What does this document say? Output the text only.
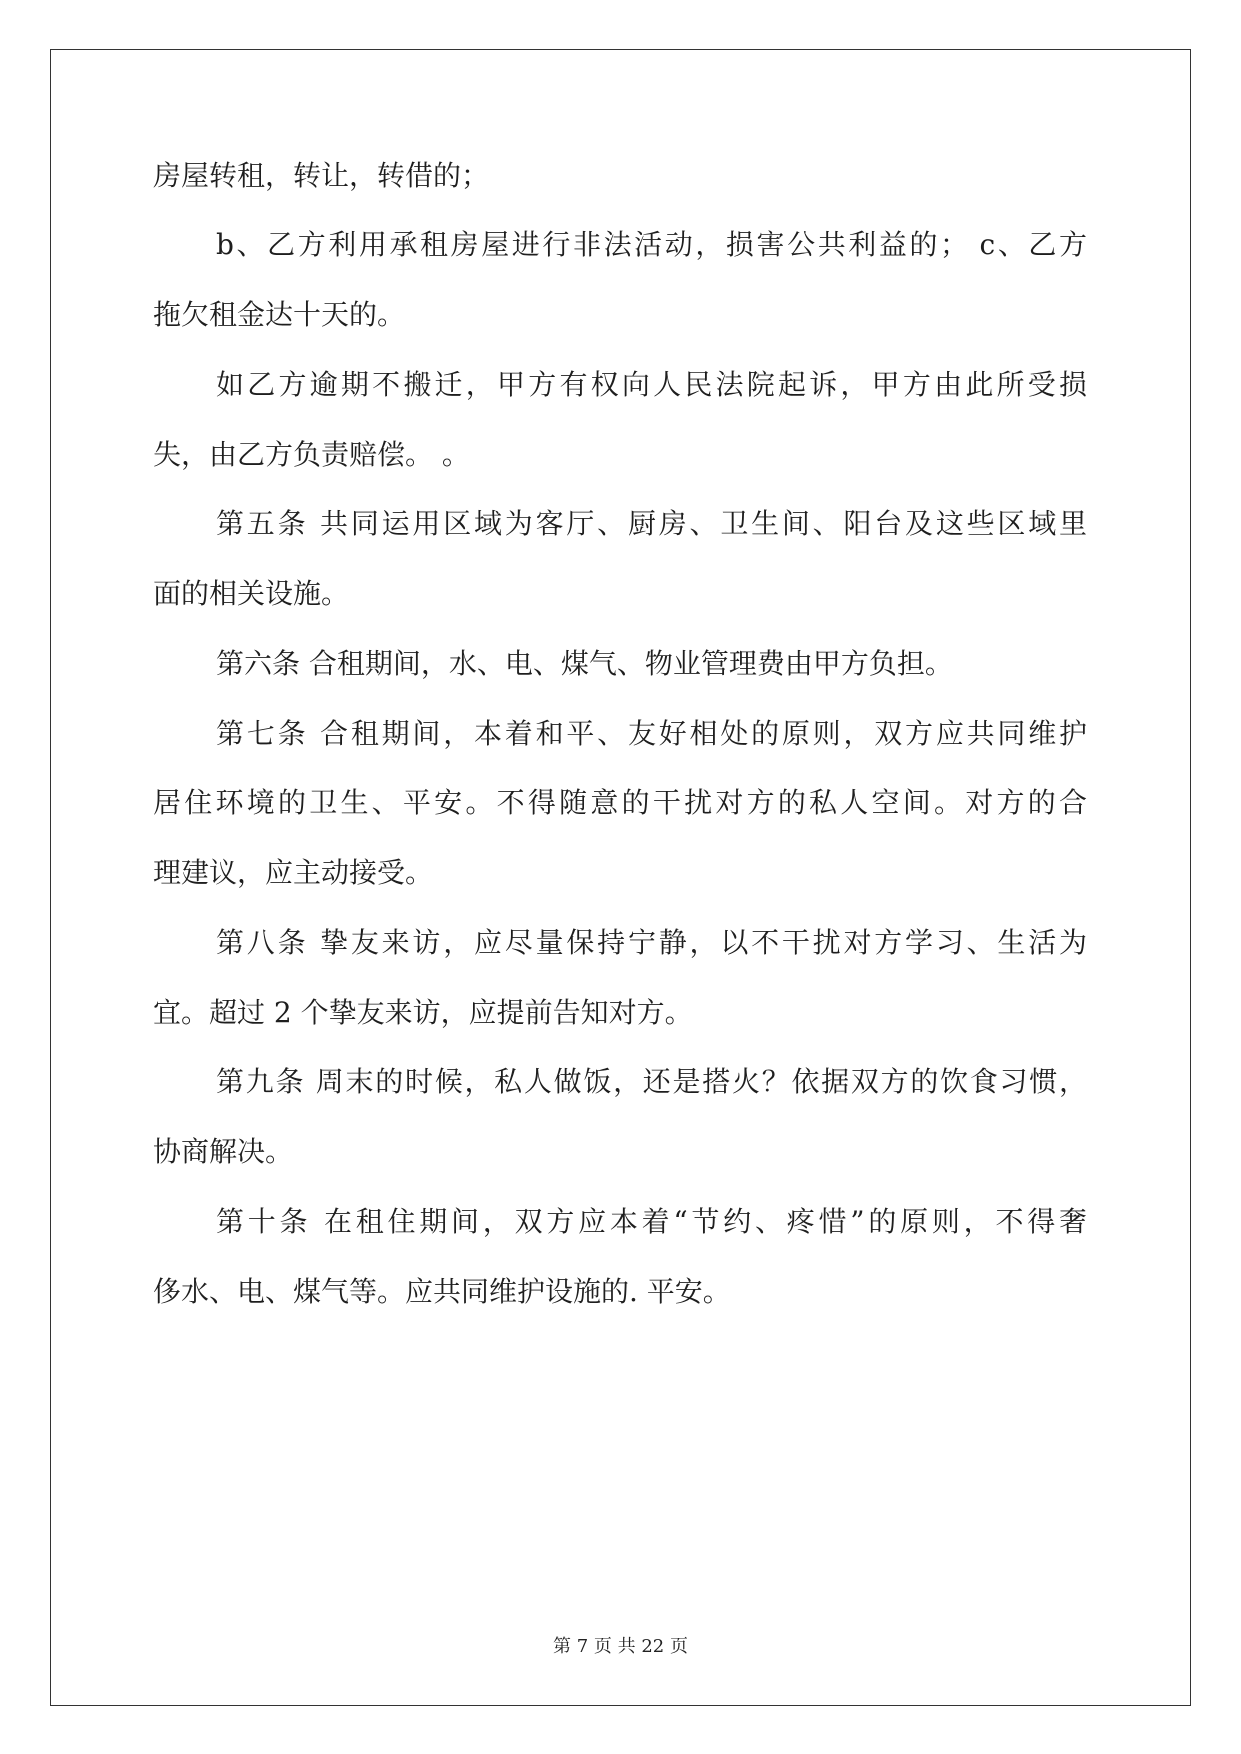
房屋转租，转让，转借的；

b、乙方利用承租房屋进行非法活动，损害公共利益的； c、乙方

拖欠租金达十天的。

如乙方逾期不搬迁，甲方有权向人民法院起诉，甲方由此所受损

失，由乙方负责赔偿。 。

第五条 共同运用区域为客厅、厨房、卫生间、阳台及这些区域里

面的相关设施。

第六条 合租期间，水、电、煤气、物业管理费由甲方负担。

第七条 合租期间，本着和平、友好相处的原则，双方应共同维护

居住环境的卫生、平安。不得随意的干扰对方的私人空间。对方的合

理建议，应主动接受。

第八条 挚友来访，应尽量保持宁静，以不干扰对方学习、生活为

宜。超过 2 个挚友来访，应提前告知对方。

第九条 周末的时候，私人做饭，还是搭火？依据双方的饮食习惯，

协商解决。

第十条 在租住期间，双方应本着“节约、疼惜”的原则，不得奢

侈水、电、煤气等。应共同维护设施的. 平安。

第 7 页 共 22 页
